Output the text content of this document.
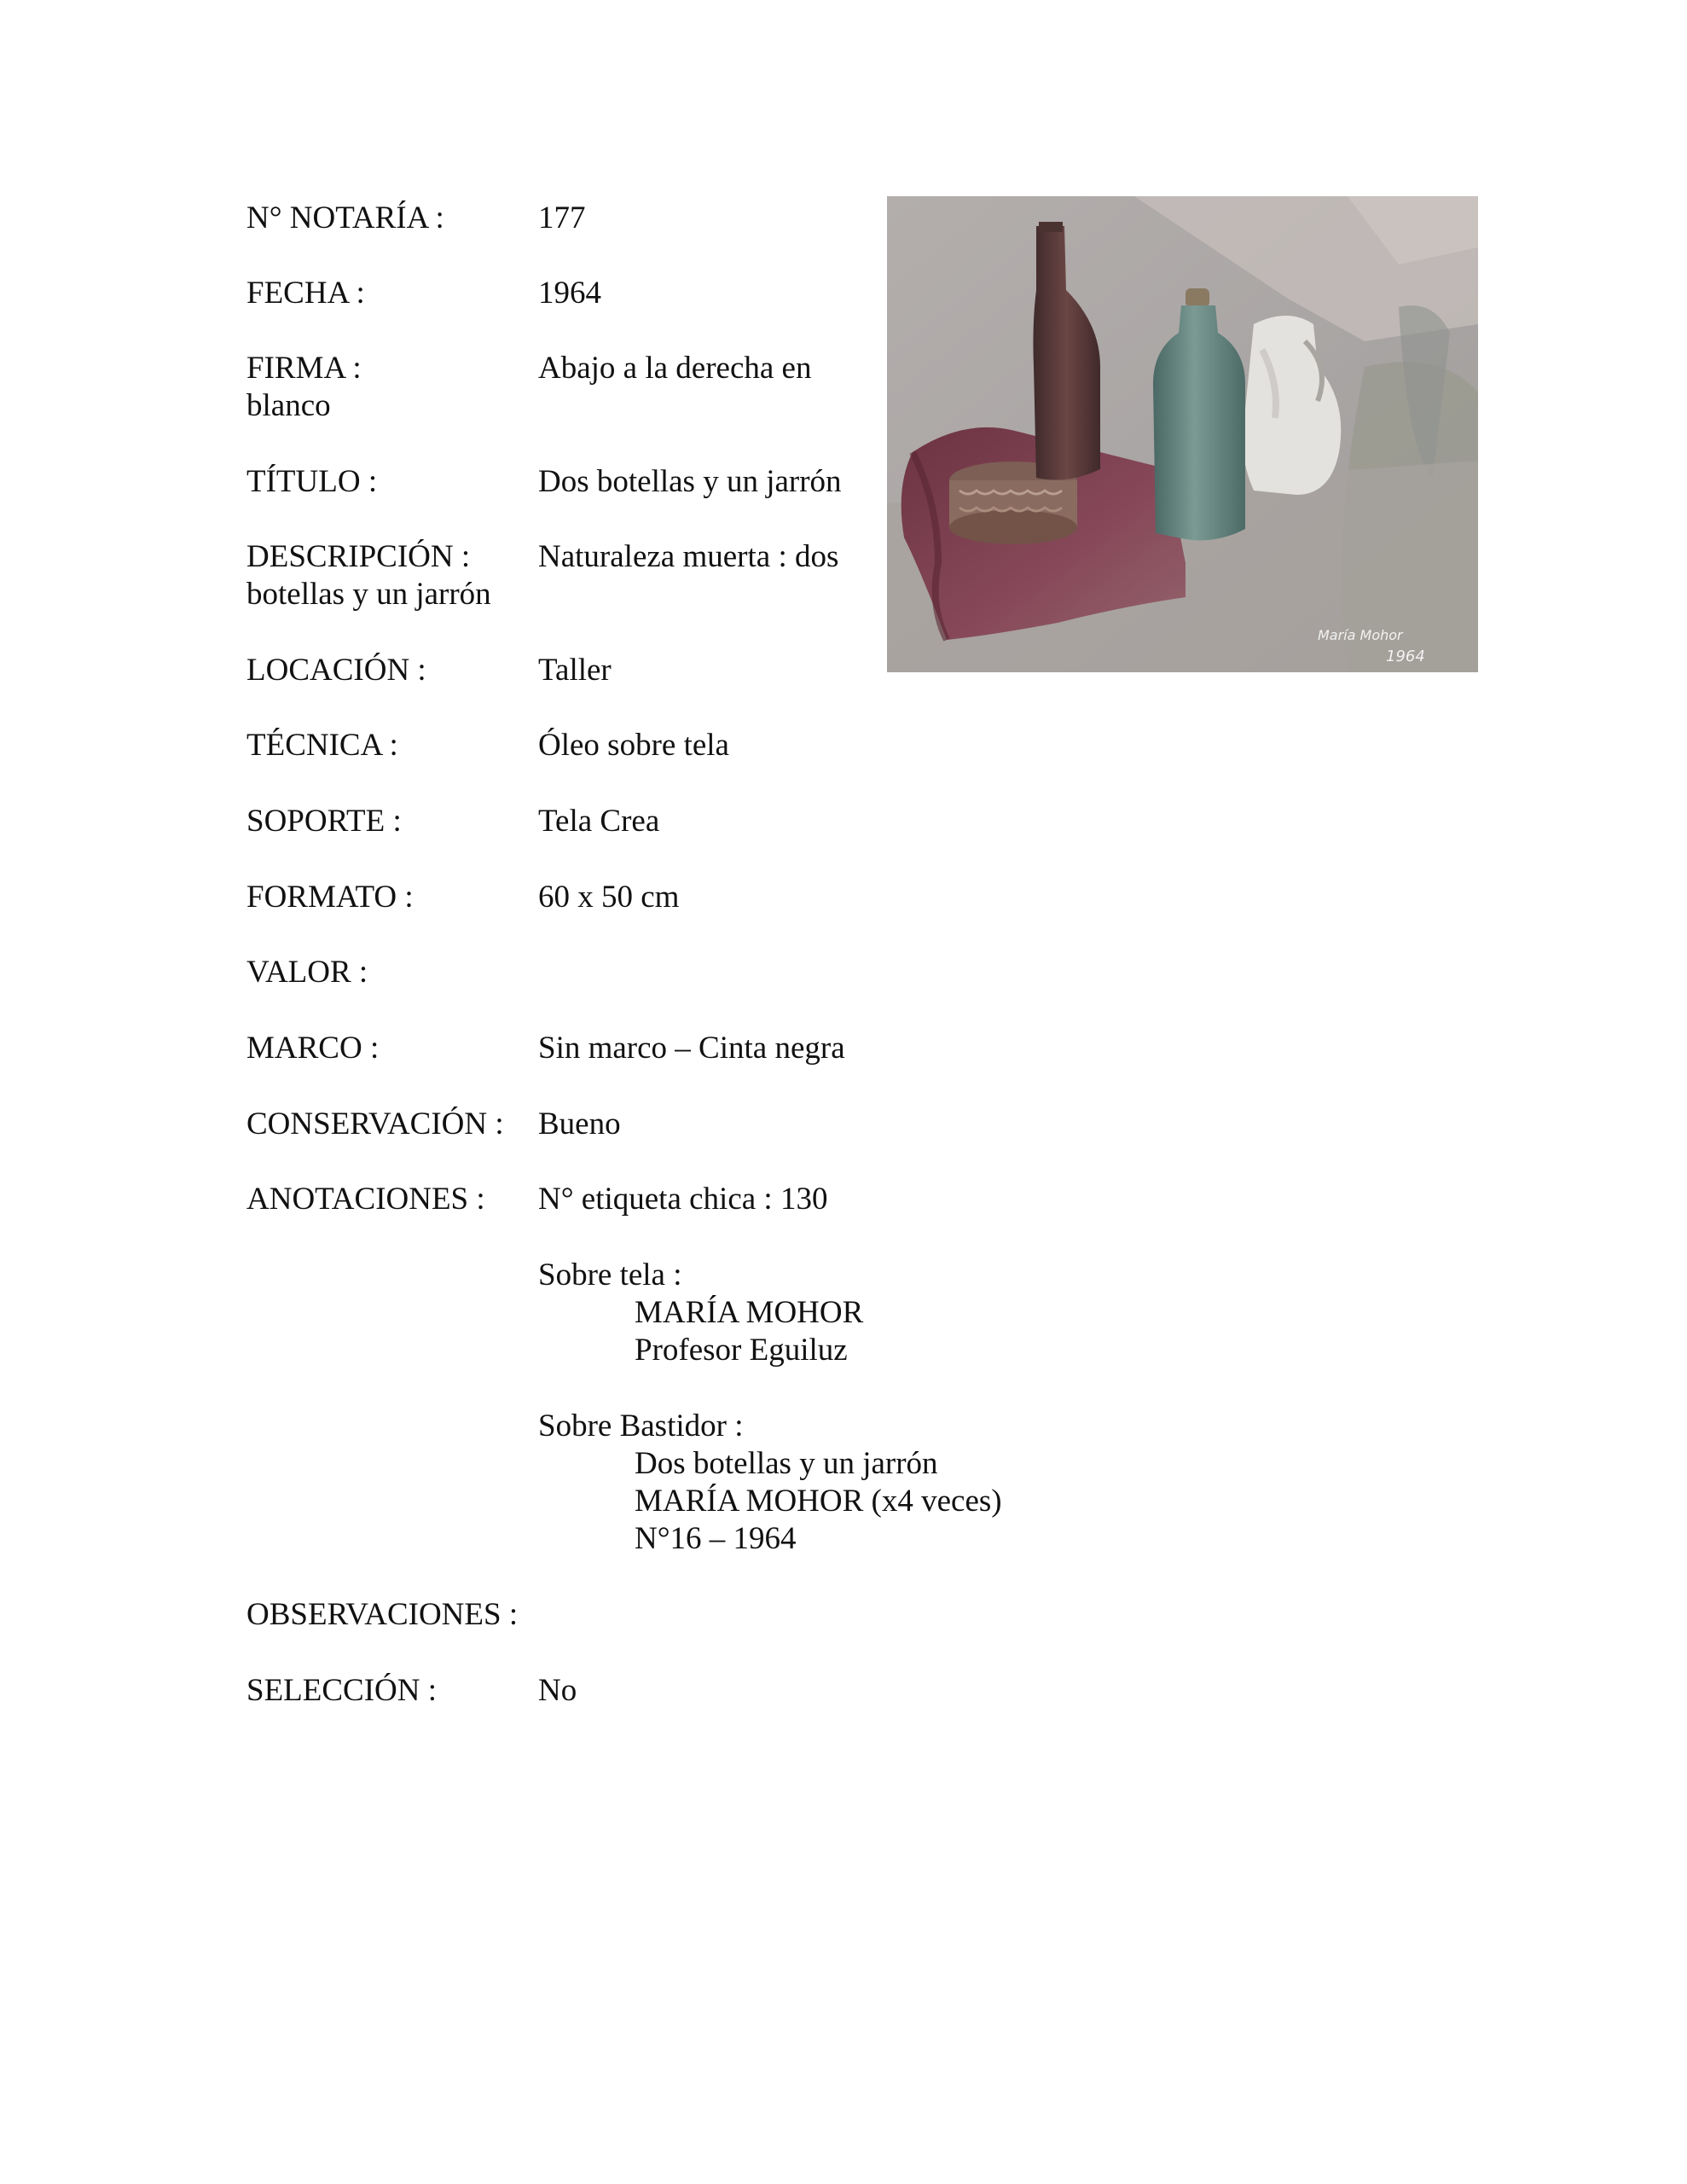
N° NOTARÍA :	177

FECHA :	1964

FIRMA :	Abajo a la derecha en

blanco

TÍTULO :	Dos botellas y un jarrón

DESCRIPCIÓN : Naturaleza muerta : dos

botellas y un jarrón

LOCACIÓN :	Taller

TÉCNICA :	Óleo sobre tela

SOPORTE :	Tela Crea

FORMATO :	60 x 50 cm

VALOR :

MARCO :	Sin marco – Cinta negra

CONSERVACIÓN : Bueno

ANOTACIONES : N° etiqueta chica : 130

Sobre tela :

MARÍA MOHOR

Profesor Eguiluz

Sobre Bastidor :

Dos botellas y un jarrón

MARÍA MOHOR (x4 veces)

N°16 – 1964

OBSERVACIONES :

SELECCIÓN :	No

María Mohor
1964
